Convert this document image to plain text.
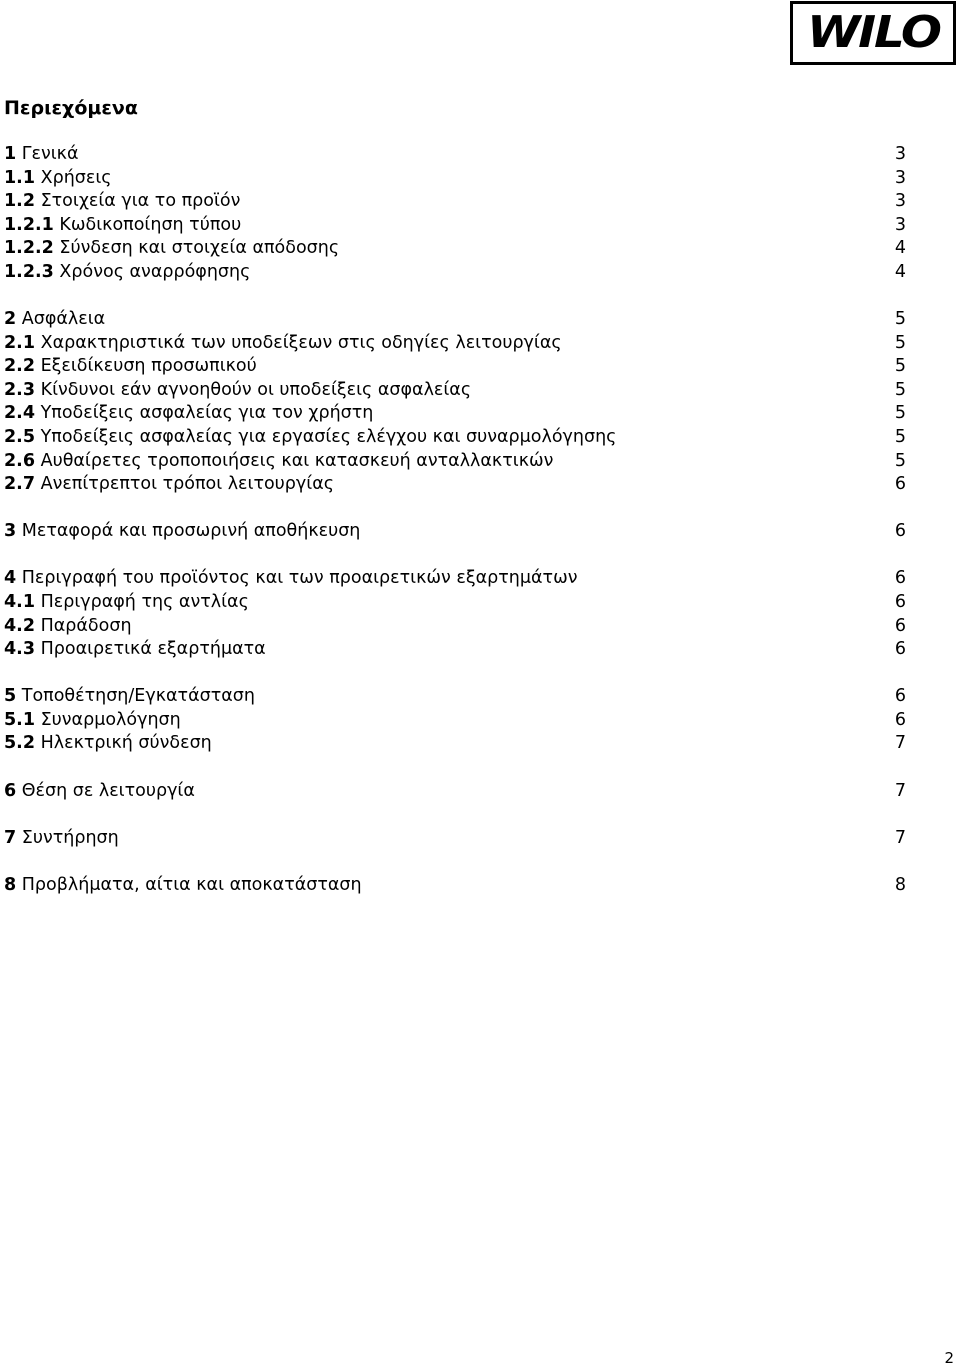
WILO
Περιεχόμενα
1 Γενικά	3
1.1 Χρήσεις	3
1.2 Στοιχεία για το προϊόν	3
1.2.1 Κωδικοποίηση τύπου	3
1.2.2 Σύνδεση και στοιχεία απόδοσης	4
1.2.3 Χρόνος αναρρόφησης	4
2 Ασφάλεια	5
2.1 Χαρακτηριστικά των υποδείξεων στις οδηγίες λειτουργίας	5
2.2 Εξειδίκευση προσωπικού	5
2.3 Κίνδυνοι εάν αγνοηθούν οι υποδείξεις ασφαλείας	5
2.4 Υποδείξεις ασφαλείας για τον χρήστη	5
2.5 Υποδείξεις ασφαλείας για εργασίες ελέγχου και συναρμολόγησης	5
2.6 Αυθαίρετες τροποποιήσεις και κατασκευή ανταλλακτικών	5
2.7 Ανεπίτρεπτοι τρόποι λειτουργίας	6
3 Μεταφορά και προσωρινή αποθήκευση	6
4 Περιγραφή του προϊόντος και των προαιρετικών εξαρτημάτων	6
4.1 Περιγραφή της αντλίας	6
4.2 Παράδοση	6
4.3 Προαιρετικά εξαρτήματα	6
5 Τοποθέτηση/Εγκατάσταση	6
5.1 Συναρμολόγηση	6
5.2 Ηλεκτρική σύνδεση	7
6 Θέση σε λειτουργία	7
7 Συντήρηση	7
8 Προβλήματα, αίτια και αποκατάσταση	8
2
